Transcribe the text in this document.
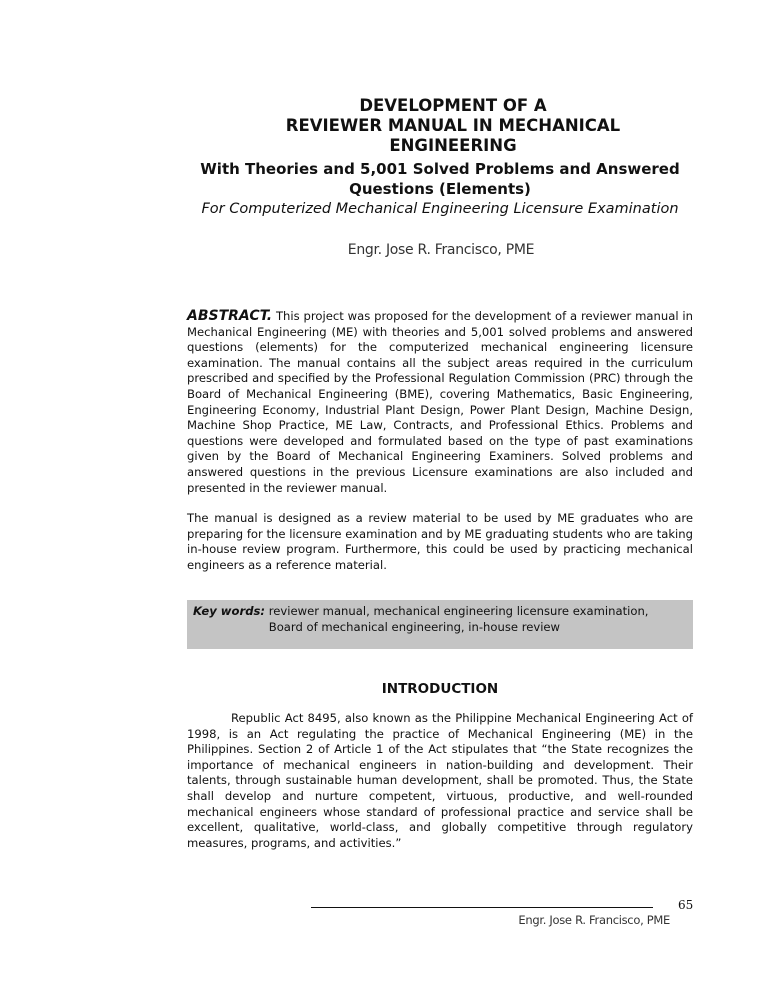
DEVELOPMENT OF A
REVIEWER MANUAL IN MECHANICAL
ENGINEERING
With Theories and 5,001 Solved Problems and Answered Questions (Elements)
For Computerized Mechanical Engineering Licensure Examination
Engr. Jose R. Francisco, PME

ABSTRACT. This project was proposed for the development of a reviewer manual in Mechanical Engineering (ME) with theories and 5,001 solved problems and answered questions (elements) for the computerized mechanical engineering licensure examination. The manual contains all the subject areas required in the curriculum prescribed and specified by the Professional Regulation Commission (PRC) through the Board of Mechanical Engineering (BME), covering Mathematics, Basic Engineering, Engineering Economy, Industrial Plant Design, Power Plant Design, Machine Design, Machine Shop Practice, ME Law, Contracts, and Professional Ethics. Problems and questions were developed and formulated based on the type of past examinations given by the Board of Mechanical Engineering Examiners. Solved problems and answered questions in the previous Licensure examinations are also included and presented in the reviewer manual.

The manual is designed as a review material to be used by ME graduates who are preparing for the licensure examination and by ME graduating students who are taking in-house review program. Furthermore, this could be used by practicing mechanical engineers as a reference material.

Key words: reviewer manual, mechanical engineering licensure examination, Board of mechanical engineering, in-house review
INTRODUCTION
Republic Act 8495, also known as the Philippine Mechanical Engineering Act of 1998, is an Act regulating the practice of Mechanical Engineering (ME) in the Philippines. Section 2 of Article 1 of the Act stipulates that “the State recognizes the importance of mechanical engineers in nation-building and development. Their talents, through sustainable human development, shall be promoted. Thus, the State shall develop and nurture competent, virtuous, productive, and well-rounded mechanical engineers whose standard of professional practice and service shall be excellent, qualitative, world-class, and globally competitive through regulatory measures, programs, and activities.”
65
Engr. Jose R. Francisco, PME
